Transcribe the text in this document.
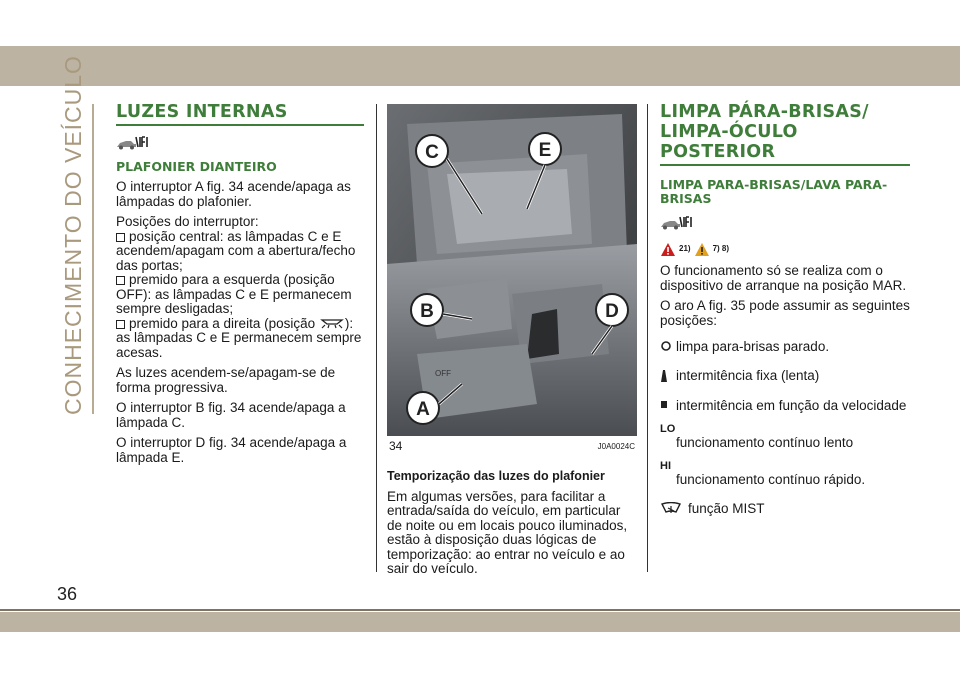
CONHECIMENTO DO VEÍCULO
36
LUZES INTERNAS
PLAFONIER DIANTEIRO
O interruptor A fig. 34 acende/apaga as lâmpadas do plafonier.
Posições do interruptor:
posição central: as lâmpadas C e E acendem/apagam com a abertura/fecho das portas;
premido para a esquerda (posição OFF): as lâmpadas C e E permanecem sempre desligadas;
premido para a direita (posição ): as lâmpadas C e E permanecem sempre acesas.
As luzes acendem-se/apagam-se de forma progressiva.
O interruptor B fig. 34 acende/apaga a lâmpada C.
O interruptor D fig. 34 acende/apaga a lâmpada E.
OFF
C	E
B	D
A
34	J0A0024C
Temporização das luzes do plafonier
Em algumas versões, para facilitar a entrada/saída do veículo, em particular de noite ou em locais pouco iluminados, estão à disposição duas lógicas de temporização: ao entrar no veículo e ao sair do veículo.
LIMPA PÁRA-BRISAS/
LIMPA-ÓCULO POSTERIOR
LIMPA PARA-BRISAS/LAVA PARA-BRISAS
21)	7) 8)
O funcionamento só se realiza com o dispositivo de arranque na posição MAR.
O aro A fig. 35 pode assumir as seguintes posições:
limpa para-brisas parado.
intermitência fixa (lenta)
intermitência em função da velocidade
LO
funcionamento contínuo lento
HI
funcionamento contínuo rápido.
função MIST
